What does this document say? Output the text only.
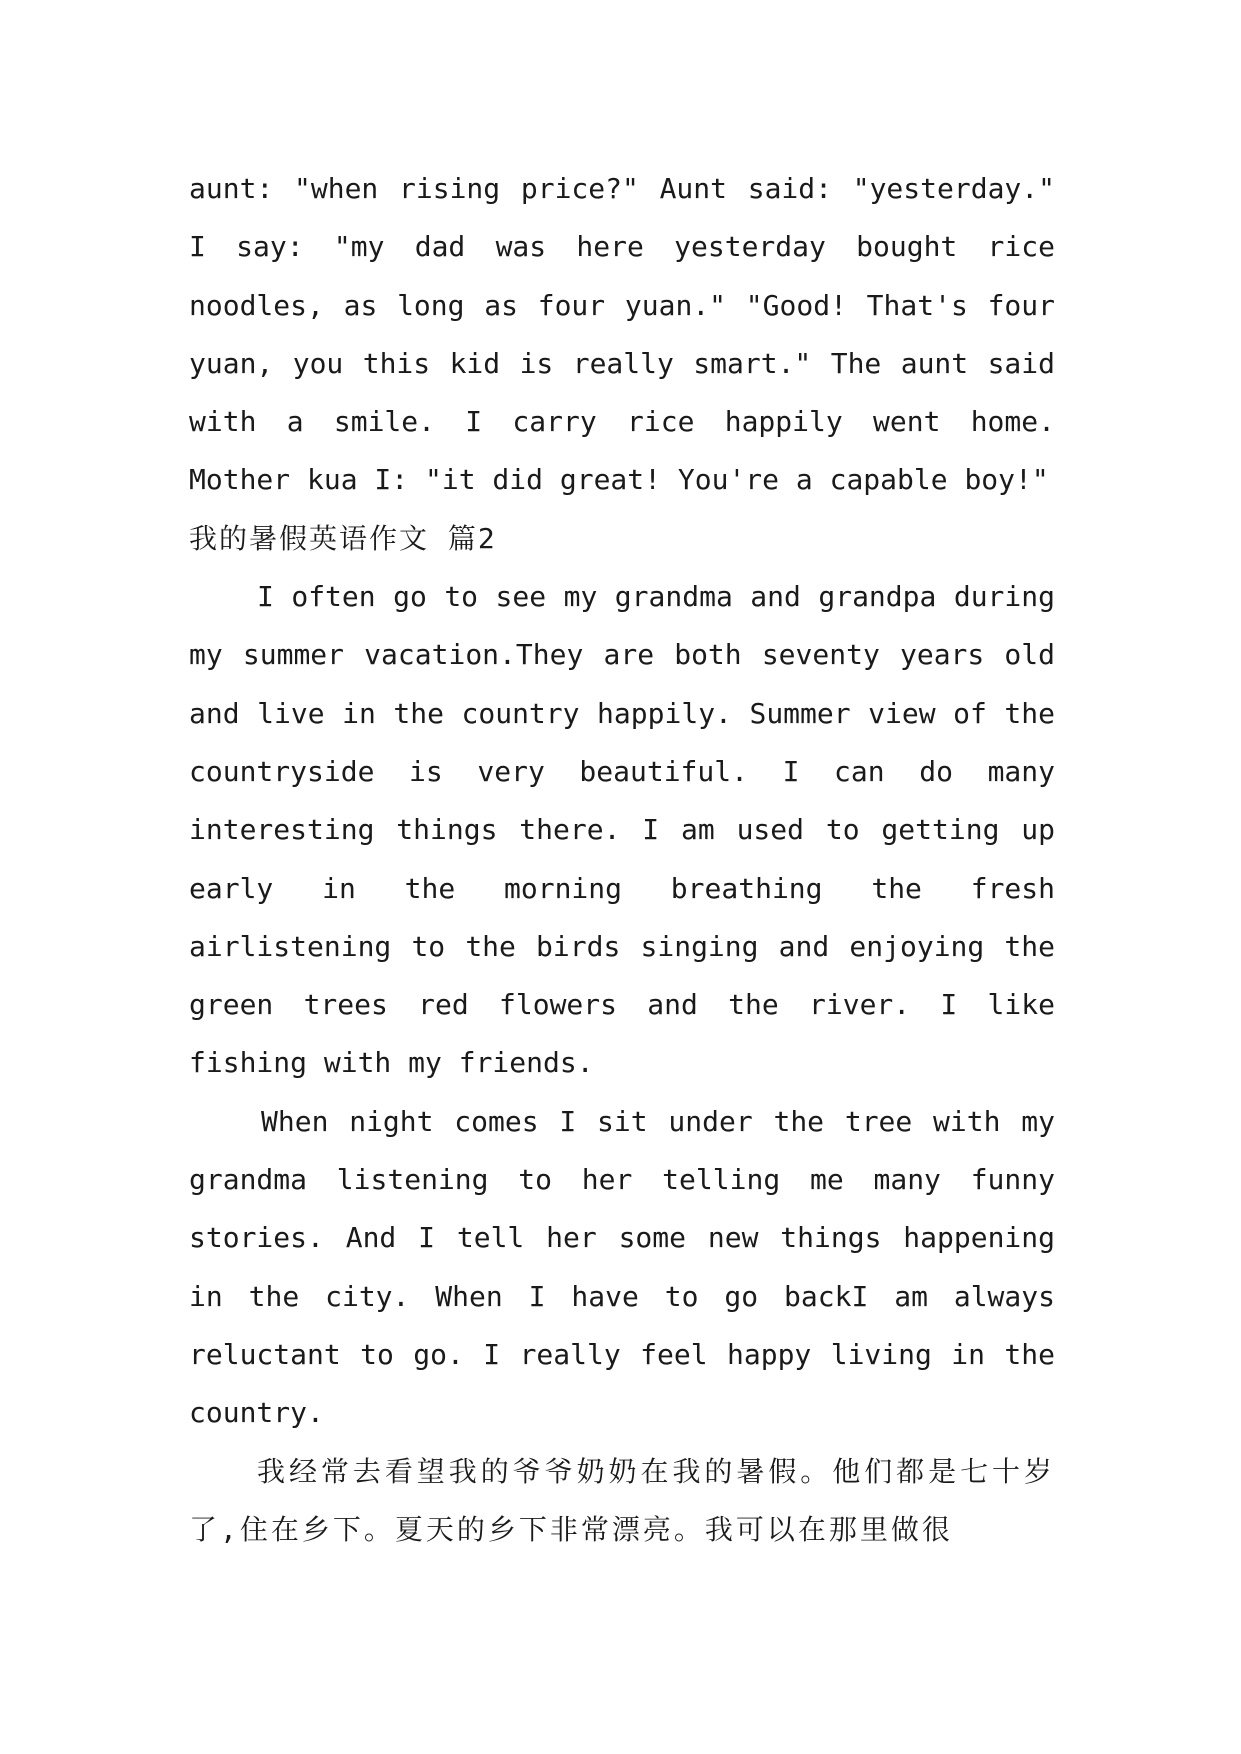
aunt: "when rising price?" Aunt said: "yesterday." I say: "my dad was here yesterday bought rice noodles, as long as four yuan." "Good! That's four yuan, you this kid is really smart." The aunt said with a smile. I carry rice happily went home. Mother kua I: "it did great! You're a capable boy!"

我的暑假英语作文 篇2

I often go to see my grandma and grandpa during my summer vacation.They are both seventy years old and live in the country happily. Summer view of the countryside is very beautiful. I can do many interesting things there. I am used to getting up early in the morning breathing the fresh airlistening to the birds singing and enjoying the green trees red flowers and the river. I like fishing with my friends.

When night comes I sit under the tree with my grandma listening to her telling me many funny stories. And I tell her some new things happening in the city. When I have to go backI am always reluctant to go. I really feel happy living in the country.

我经常去看望我的爷爷奶奶在我的暑假。他们都是七十岁了,住在乡下。夏天的乡下非常漂亮。我可以在那里做很
